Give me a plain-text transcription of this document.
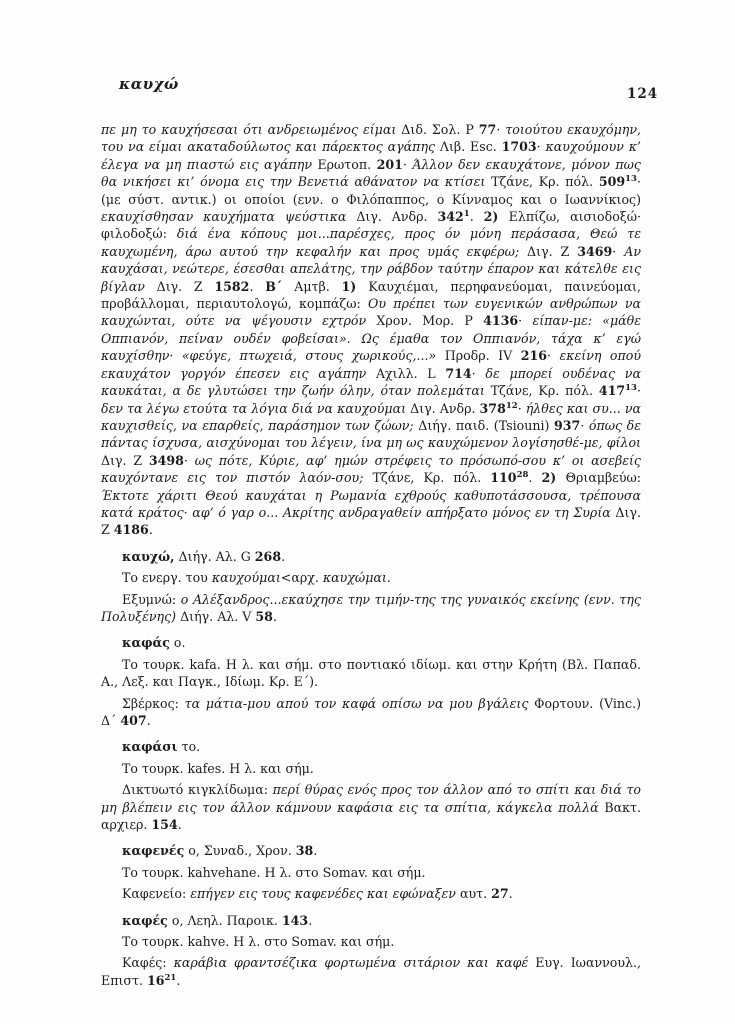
καυχώ
124

πε μη το καυχήσεσαι ότι ανδρειωμένος είμαι Διδ. Σολ. P 77· τοιούτου εκαυχόμην, του να είμαι ακαταδούλωτος και πάρεκτος αγάπης Λιβ. Esc. 1703· καυχούμουν κ’ έλεγα να μη πιαστώ εις αγάπην Ερωτοπ. 201· Άλλον δεν εκαυχάτονε, μόνον πως θα νικήσει κι’ όνομα εις την Βενετιά αθάνατον να κτίσει Τζάνε, Κρ. πόλ. $509^{13}\cdot (\mu\varepsilon$ σύστ. αντικ.) οι οποίοι (ενν. ο Φιλόπαππος, ο Κίνναμος και ο Ιωαννίκιος) εκαυχίσθησαν καυχήματα ψεύστικα Διγ. Ανδρ. $342^1$. 2) Ελπίζω, αισιοδοξώ· φιλοδοξώ: διά ένα κόπους μοι...παρέσχες, προς όν μόνη περάσασα, Θεώ τε καυχωμένη, άρω αυτού την κεφαλήν και προς υμάς εκφέρω; Διγ. Z 3469· Αν καυχάσαι, νεώτερε, έσεσθαι απελάτης, την ράβδον ταύτην έπαρον και κάτελθε εις βίγλαν Διγ. Z 1582. Β΄ Αμτβ. 1) Καυχιέμαι, περηφανεύομαι, παινεύομαι, προβάλλομαι, περιαυτολογώ, κομπάζω: Ου πρέπει των ευγενικών ανθρώπων να καυχώνται, ούτε να ψέγουσιν εχτρόν Χρον. Μορ. P 4136· είπαν-με: «μάθε Οππιανόν, πείναν ουδέν φοβείσαι». Ως έμαθα τον Οππιανόν, τάχα κ’ εγώ καυχίσθην· «φεύγε, πτωχειά, στους χωρικούς,...» Προδρ. IV 216· εκείνη οπού εκαυχάτον γοργόν έπεσεν εις αγάπην Αχιλλ. L 714· δε μπορεί ουδένας να καυκάται, α δε γλυτώσει την ζωήν όλην, όταν πολεμάται Τζάνε, Κρ. πόλ. $417^{13}\cdot \delta\varepsilon\nu$ τα λέγω ετούτα τα λόγια διά να καυχούμαι Διγ. Ανδρ. $378^{12}\cdot ή\lambda\theta\varepsilon\varsigma$ και συ... να καυχισθείς, να επαρθείς, παράσημον των ζώων; Διήγ. παιδ. (Tsiouni) 937· όπως δε πάντας ίσχυσα, αισχύνομαι του λέγειν, ίνα μη ως καυχώμενον λογίσησθέ-με, φίλοι Διγ. Z 3498· ως πότε, Κύριε, αφ’ ημών στρέφεις το πρόσωπό-σου κ’ οι ασεβείς καυχόντανε εις τον πιστόν λαόν-σου; Τζάνε, Κρ. πόλ. $110^{28}$. 2) Θριαμβεύω: Έκτοτε χάριτι Θεού καυχάται η Ρωμανία εχθρούς καθυποτάσσουσα, τρέπουσα κατά κράτος· αφ’ ό γαρ ο... Ακρίτης ανδραγαθείν απήρξατο μόνος εν τη Συρία Διγ. Z 4186.

καυχώ, Διήγ. Αλ. G 268.

Το ενεργ. του καυχούμαι<αρχ. καυχώμαι.

Εξυμνώ: ο Αλέξανδρος...εκαύχησε την τιμήν-της της γυναικός εκείνης (ενν. της Πολυξένης) Διήγ. Αλ. V 58.

καφάς ο.

Το τουρκ. kafa. Η λ. και σήμ. στο ποντιακό ιδίωμ. και στην Κρήτη (Βλ. Παπαδ. Α., Λεξ. και Παγκ., Ιδίωμ. Κρ. Ε΄).

Σβέρκος: τα μάτια-μου απού τον καφά οπίσω να μου βγάλεις Φορτουν. (Vinc.) Δ΄ 407.

καφάσι το.

Το τουρκ. kafes. Η λ. και σήμ.

Δικτυωτό κιγκλίδωμα: περί θύρας ενός προς τον άλλον από το σπίτι και διά το μη βλέπειν εις τον άλλον κάμνουν καφάσια εις τα σπίτια, κάγκελα πολλά Βακτ. αρχιερ. 154.

καφενές ο, Συναδ., Χρον. 38.

Το τουρκ. kahvehane. Η λ. στο Somav. και σήμ.

Καφενείο: επήγεν εις τους καφενέδες και εφώναξεν αυτ. 27.

καφές ο, Λεηλ. Παροικ. 143.

Το τουρκ. kahve. Η λ. στο Somav. και σήμ.

Καφές: καράβια φραντσέζικα φορτωμένα σιτάριον και καφέ Ευγ. Ιωαννουλ., Επιστ. $16^{21}$.
